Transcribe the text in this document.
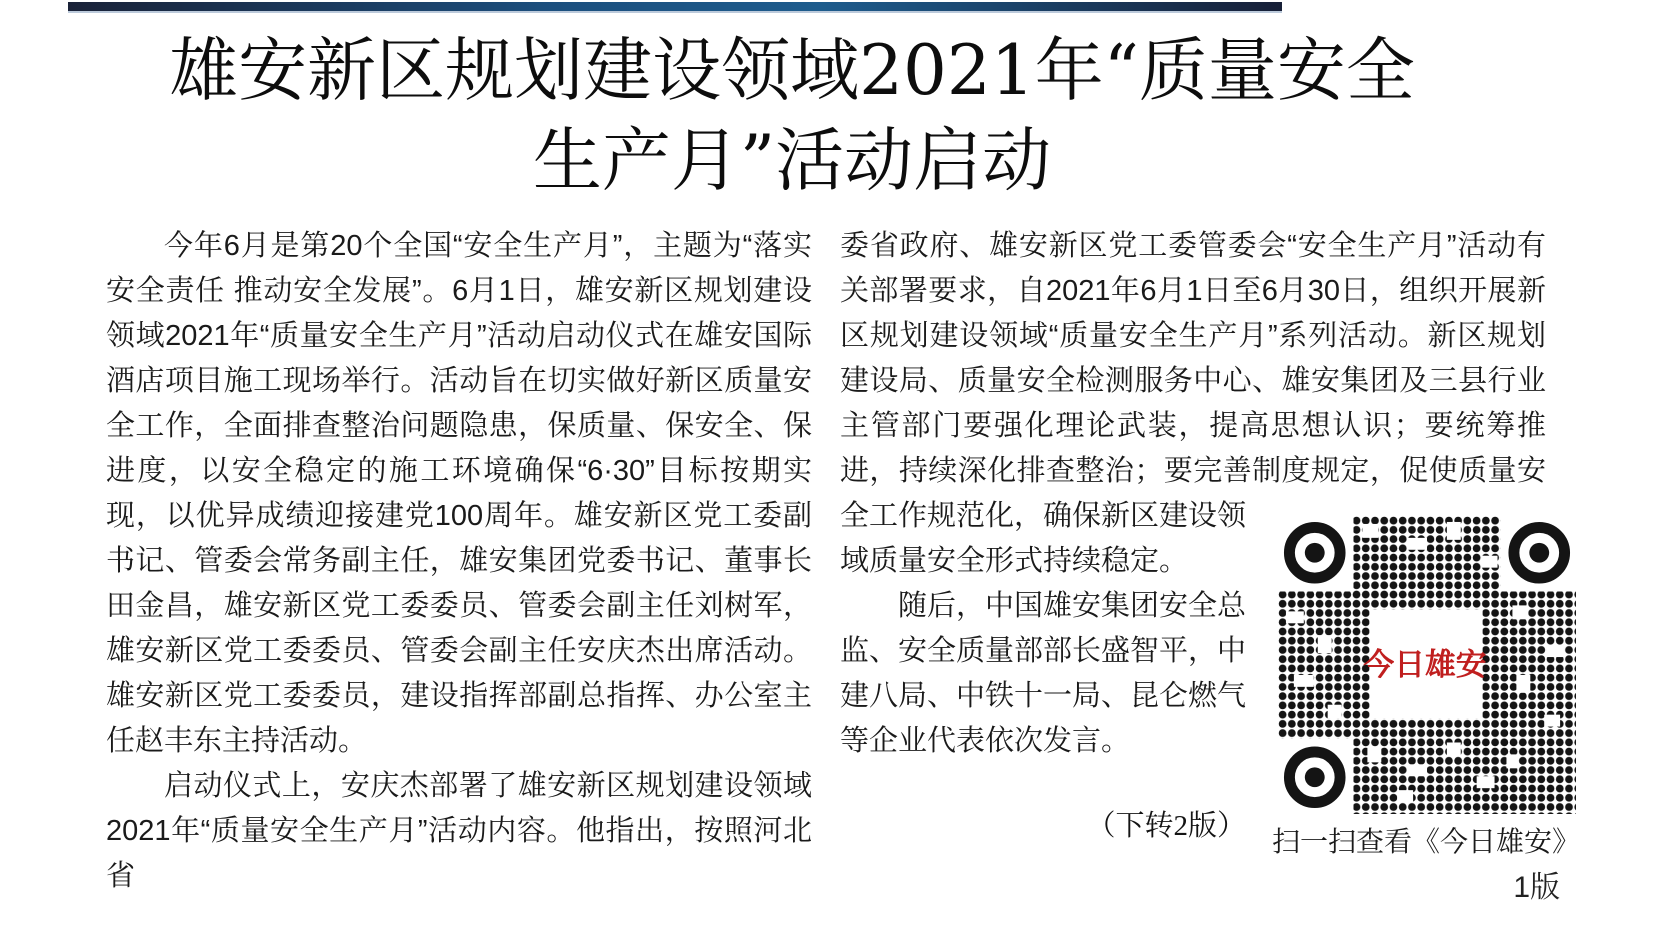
雄安新区规划建设领域2021年“质量安全
生产月”活动启动

今年6月是第20个全国“安全生产月”，主题为“落实安全责任 推动安全发展”。6月1日，雄安新区规划建设领域2021年“质量安全生产月”活动启动仪式在雄安国际酒店项目施工现场举行。活动旨在切实做好新区质量安全工作，全面排查整治问题隐患，保质量、保安全、保进度，以安全稳定的施工环境确保“6·30”目标按期实现，以优异成绩迎接建党100周年。雄安新区党工委副书记、管委会常务副主任，雄安集团党委书记、董事长田金昌，雄安新区党工委委员、管委会副主任刘树军，雄安新区党工委委员、管委会副主任安庆杰出席活动。雄安新区党工委委员，建设指挥部副总指挥、办公室主任赵丰东主持活动。

启动仪式上，安庆杰部署了雄安新区规划建设领域2021年“质量安全生产月”活动内容。他指出，按照河北省

委省政府、雄安新区党工委管委会“安全生产月”活动有关部署要求，自2021年6月1日至6月30日，组织开展新区规划建设领域“质量安全生产月”系列活动。新区规划建设局、质量安全检测服务中心、雄安集团及三县行业主管部门要强化理论武装，提高思想认识；要统筹推进，持续深化排查整治；要完善制度规定，促使质量安全工作规范化，确保新区建设领域质量安全形式持续稳定。

随后，中国雄安集团安全总监、安全质量部部长盛智平，中建八局、中铁十一局、昆仑燃气等企业代表依次发言。

（下转2版）

今日雄安
扫一扫查看《今日雄安》
1版
